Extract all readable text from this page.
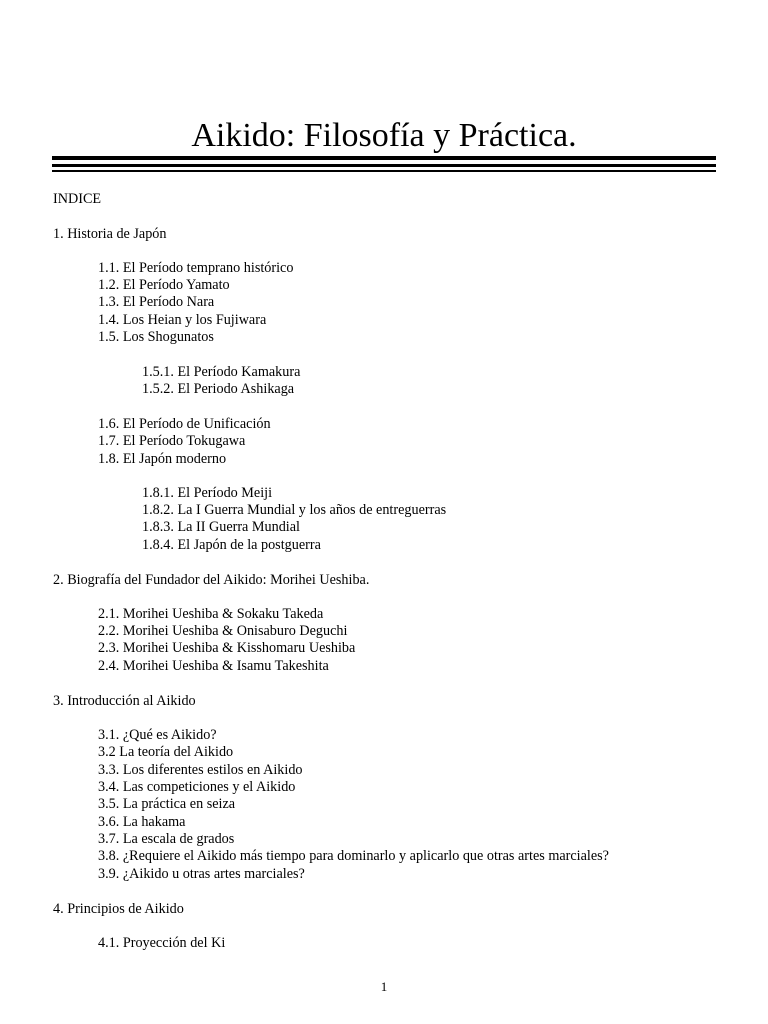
Aikido: Filosofía y Práctica.
INDICE
1. Historia de Japón
1.1. El Período temprano histórico
1.2. El Período Yamato
1.3. El Período Nara
1.4. Los Heian y los Fujiwara
1.5. Los Shogunatos
1.5.1. El Período Kamakura
1.5.2. El Periodo Ashikaga
1.6. El Período de Unificación
1.7. El Período Tokugawa
1.8. El Japón moderno
1.8.1. El Período Meiji
1.8.2. La I Guerra Mundial y los años de entreguerras
1.8.3. La II Guerra Mundial
1.8.4. El Japón de la postguerra
2. Biografía del Fundador del Aikido: Morihei Ueshiba.
2.1. Morihei Ueshiba & Sokaku Takeda
2.2. Morihei Ueshiba & Onisaburo Deguchi
2.3. Morihei Ueshiba & Kisshomaru Ueshiba
2.4. Morihei Ueshiba & Isamu Takeshita
3. Introducción al Aikido
3.1. ¿Qué es Aikido?
3.2 La teoría del Aikido
3.3. Los diferentes estilos en Aikido
3.4. Las competiciones y el Aikido
3.5. La práctica en seiza
3.6. La hakama
3.7. La escala de grados
3.8. ¿Requiere el Aikido más tiempo para dominarlo y aplicarlo que otras artes marciales?
3.9. ¿Aikido u otras artes marciales?
4. Principios de Aikido
4.1. Proyección del Ki
1
